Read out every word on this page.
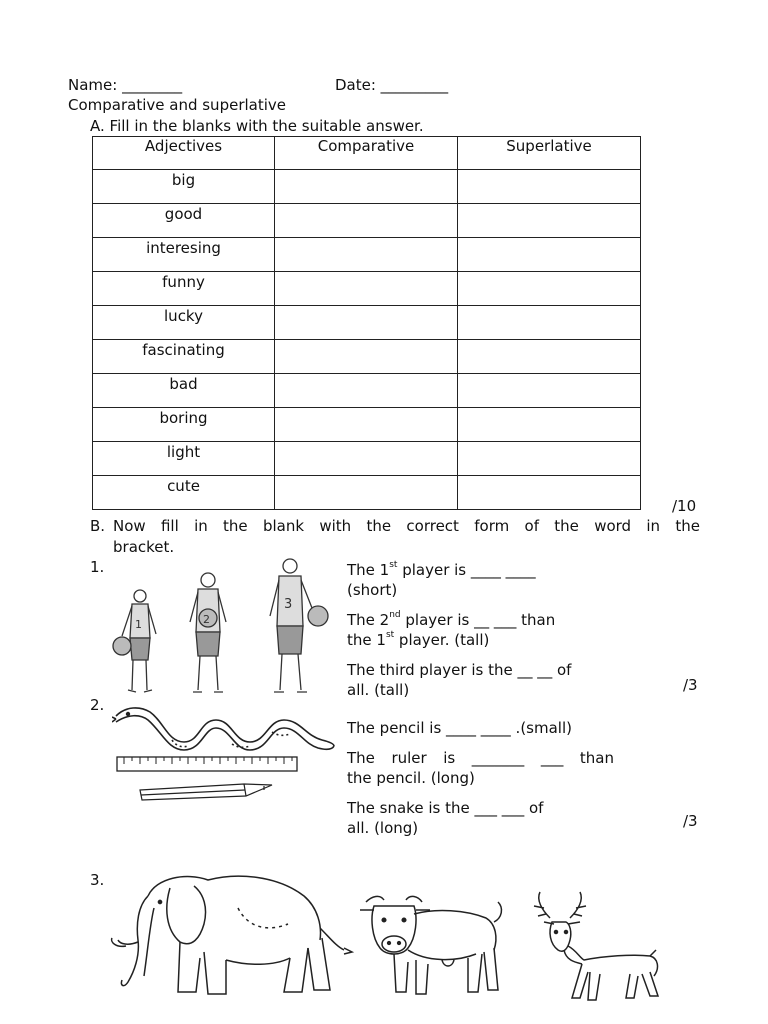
Name: ________	Date: _________
Comparative and superlative
A. Fill in the blanks with the suitable answer.
Adjectives	Comparative	Superlative
big		
good		
interesing		
funny		
lucky		
fascinating		
bad		
boring		
light		
cute		
/10
B. Now fill in the blank with the correct form of the word in the
bracket.
1.
1	2
3
The 1st player is ____ ____
(short)
The 2nd player is __ ___ than
the 1st player. (tall)
The third player is the __ __ of
all. (tall)	/3
2.
The pencil is ____ ____ .(small)
The ruler is _______ ___ than
the pencil. (long)
The snake is the ___ ___ of
all. (long)	/3
3.
